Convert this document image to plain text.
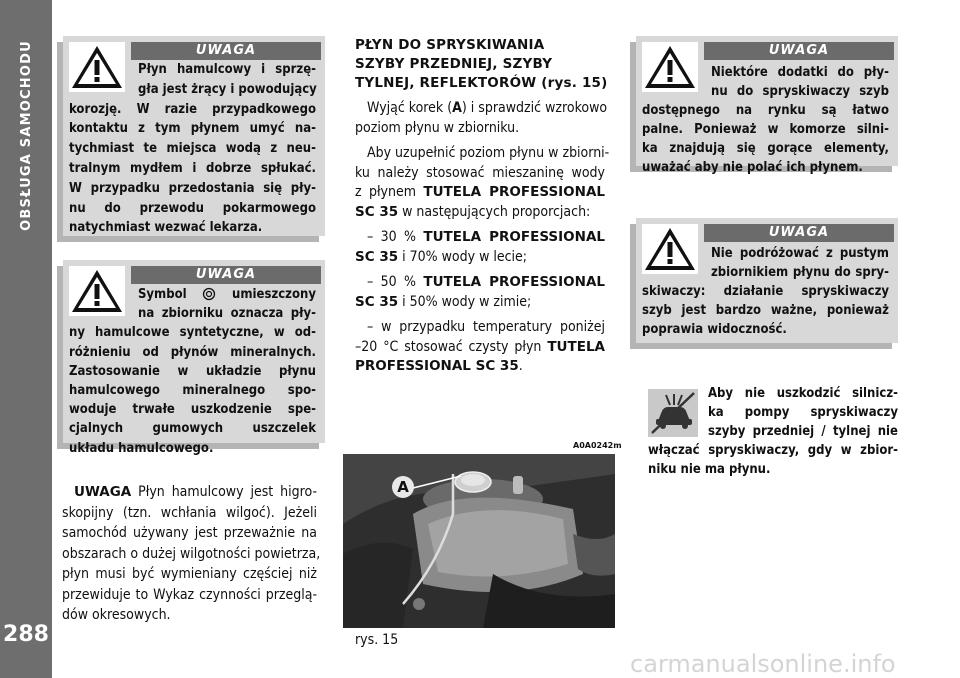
OBSŁUGA SAMOCHODU
288
UWAGA
Płyn hamulcowy i sprzę-
gła jest żrący i powodujący
korozję. W razie przypadkowego
kontaktu z tym płynem umyć na-
tychmiast te miejsca wodą z neu-
tralnym mydłem i dobrze spłukać.
W przypadku przedostania się pły-
nu do przewodu pokarmowego
natychmiast wezwać lekarza.
UWAGA
Symbol	umieszczony
na zbiorniku oznacza pły-
ny hamulcowe syntetyczne, w od-
różnieniu od płynów mineralnych.
Zastosowanie w układzie płynu
hamulcowego mineralnego spo-
woduje trwałe uszkodzenie spe-
cjalnych gumowych uszczelek
układu hamulcowego.
UWAGA Płyn hamulcowy jest higro-
skopijny (tzn. wchłania wilgoć). Jeżeli
samochód używany jest przeważnie na
obszarach o dużej wilgotności powietrza,
płyn musi być wymieniany częściej niż
przewiduje to Wykaz czynności przeglą-
dów okresowych.
PŁYN DO SPRYSKIWANIA
SZYBY PRZEDNIEJ, SZYBY
TYLNEJ, REFLEKTORÓW (rys. 15)
Wyjąć korek (A) i sprawdzić wzrokowo
poziom płynu w zbiorniku.
Aby uzupełnić poziom płynu w zbiorni-
ku należy stosować mieszaninę wody
z płynem TUTELA PROFESSIONAL
SC 35 w następujących proporcjach:
– 30 % TUTELA PROFESSIONAL
SC 35 i 70% wody w lecie;
– 50 % TUTELA PROFESSIONAL
SC 35 i 50% wody w zimie;
– w przypadku temperatury poniżej
–20 °C stosować czysty płyn TUTELA
PROFESSIONAL SC 35.
A0A0242m
A
rys. 15
UWAGA
Niektóre dodatki do pły-
nu do spryskiwaczy szyb
dostępnego na rynku są łatwo
palne. Ponieważ w komorze silni-
ka znajdują się gorące elementy,
uważać aby nie polać ich płynem.
UWAGA
Nie podróżować z pustym
zbiornikiem płynu do spry-
skiwaczy: działanie spryskiwaczy
szyb jest bardzo ważne, ponieważ
poprawia widoczność.
Aby nie uszkodzić silnicz-
ka pompy spryskiwaczy
szyby przedniej / tylnej nie
włączać spryskiwaczy, gdy w zbior-
niku nie ma płynu.
carmanualsonline.info
